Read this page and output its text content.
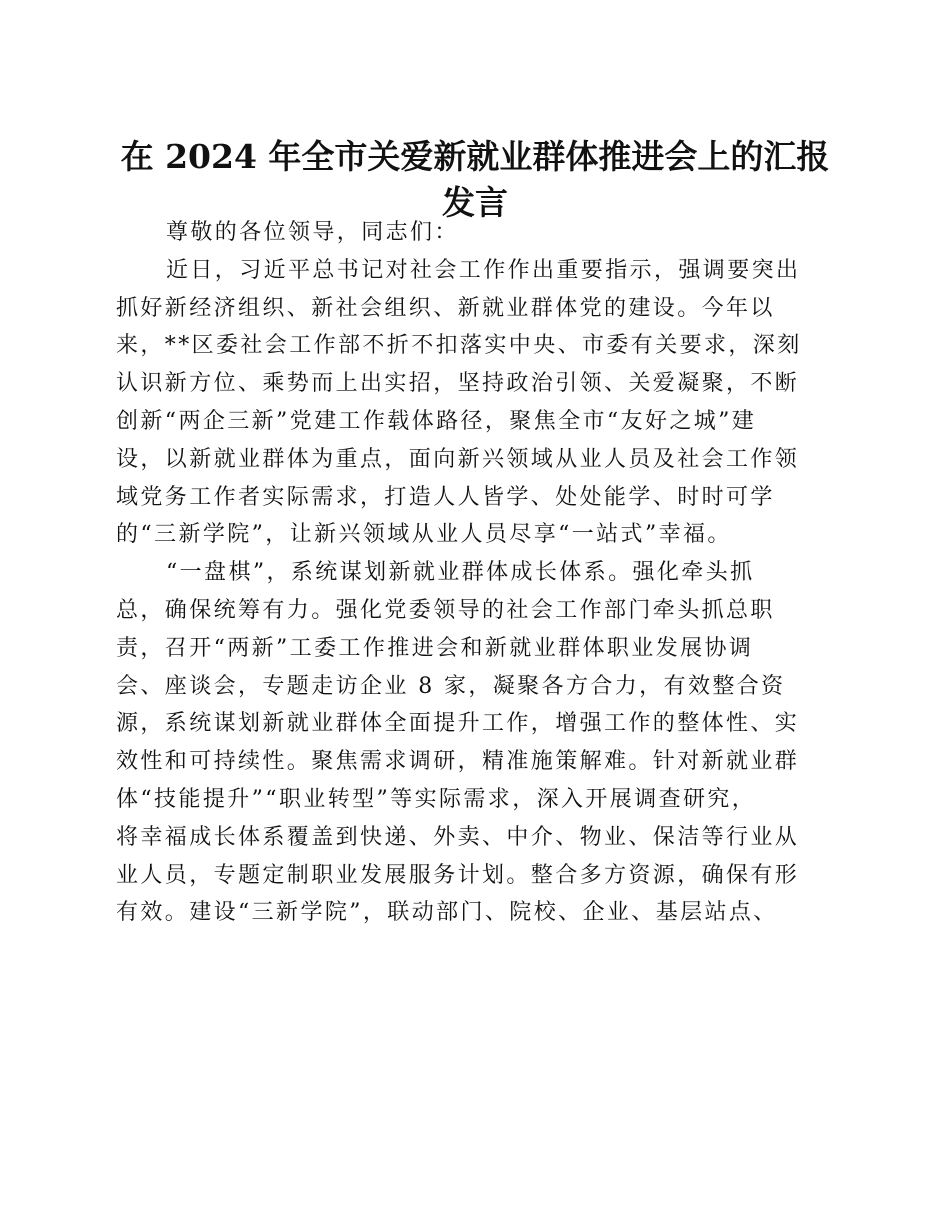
在 2024 年全市关爱新就业群体推进会上的汇报
发言
尊敬的各位领导，同志们：
近日，习近平总书记对社会工作作出重要指示，强调要突出
抓好新经济组织、新社会组织、新就业群体党的建设。今年以
来，**区委社会工作部不折不扣落实中央、市委有关要求，深刻
认识新方位、乘势而上出实招，坚持政治引领、关爱凝聚，不断
创新“两企三新”党建工作载体路径，聚焦全市“友好之城”建
设，以新就业群体为重点，面向新兴领域从业人员及社会工作领
域党务工作者实际需求，打造人人皆学、处处能学、时时可学
的“三新学院”，让新兴领域从业人员尽享“一站式”幸福。
“一盘棋”，系统谋划新就业群体成长体系。强化牵头抓
总，确保统筹有力。强化党委领导的社会工作部门牵头抓总职
责，召开“两新”工委工作推进会和新就业群体职业发展协调
会、座谈会，专题走访企业 8 家，凝聚各方合力，有效整合资
源，系统谋划新就业群体全面提升工作，增强工作的整体性、实
效性和可持续性。聚焦需求调研，精准施策解难。针对新就业群
体“技能提升”“职业转型”等实际需求，深入开展调查研究，
将幸福成长体系覆盖到快递、外卖、中介、物业、保洁等行业从
业人员，专题定制职业发展服务计划。整合多方资源，确保有形
有效。建设“三新学院”，联动部门、院校、企业、基层站点、
